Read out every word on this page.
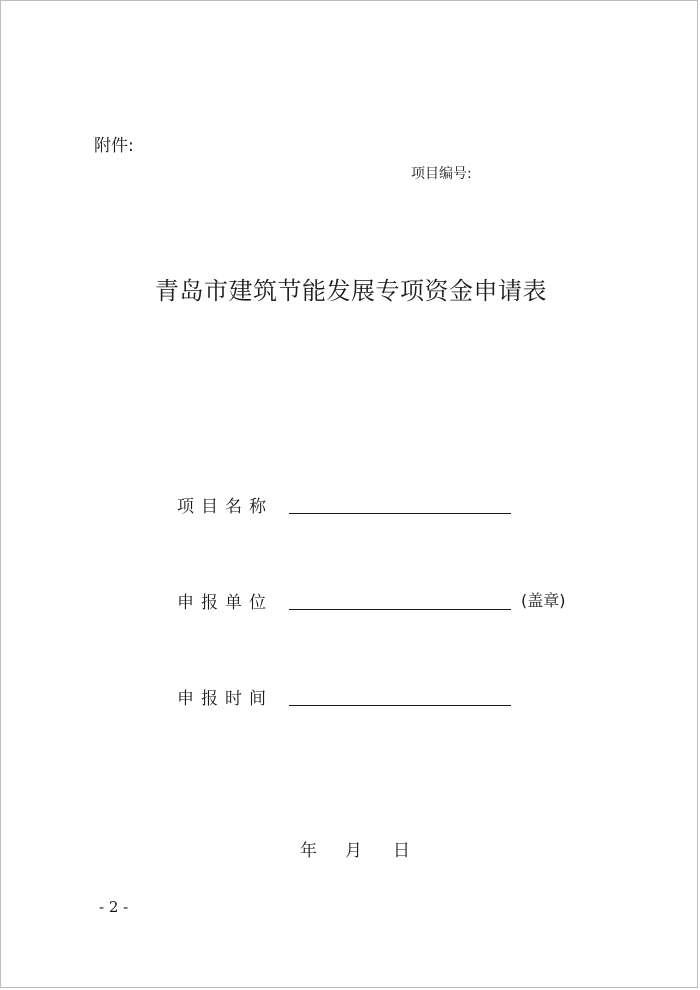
附件:
项目编号:
青岛市建筑节能发展专项资金申请表
项目名称
申报单位	(盖章)
申报时间
年 月 日
- 2 -
